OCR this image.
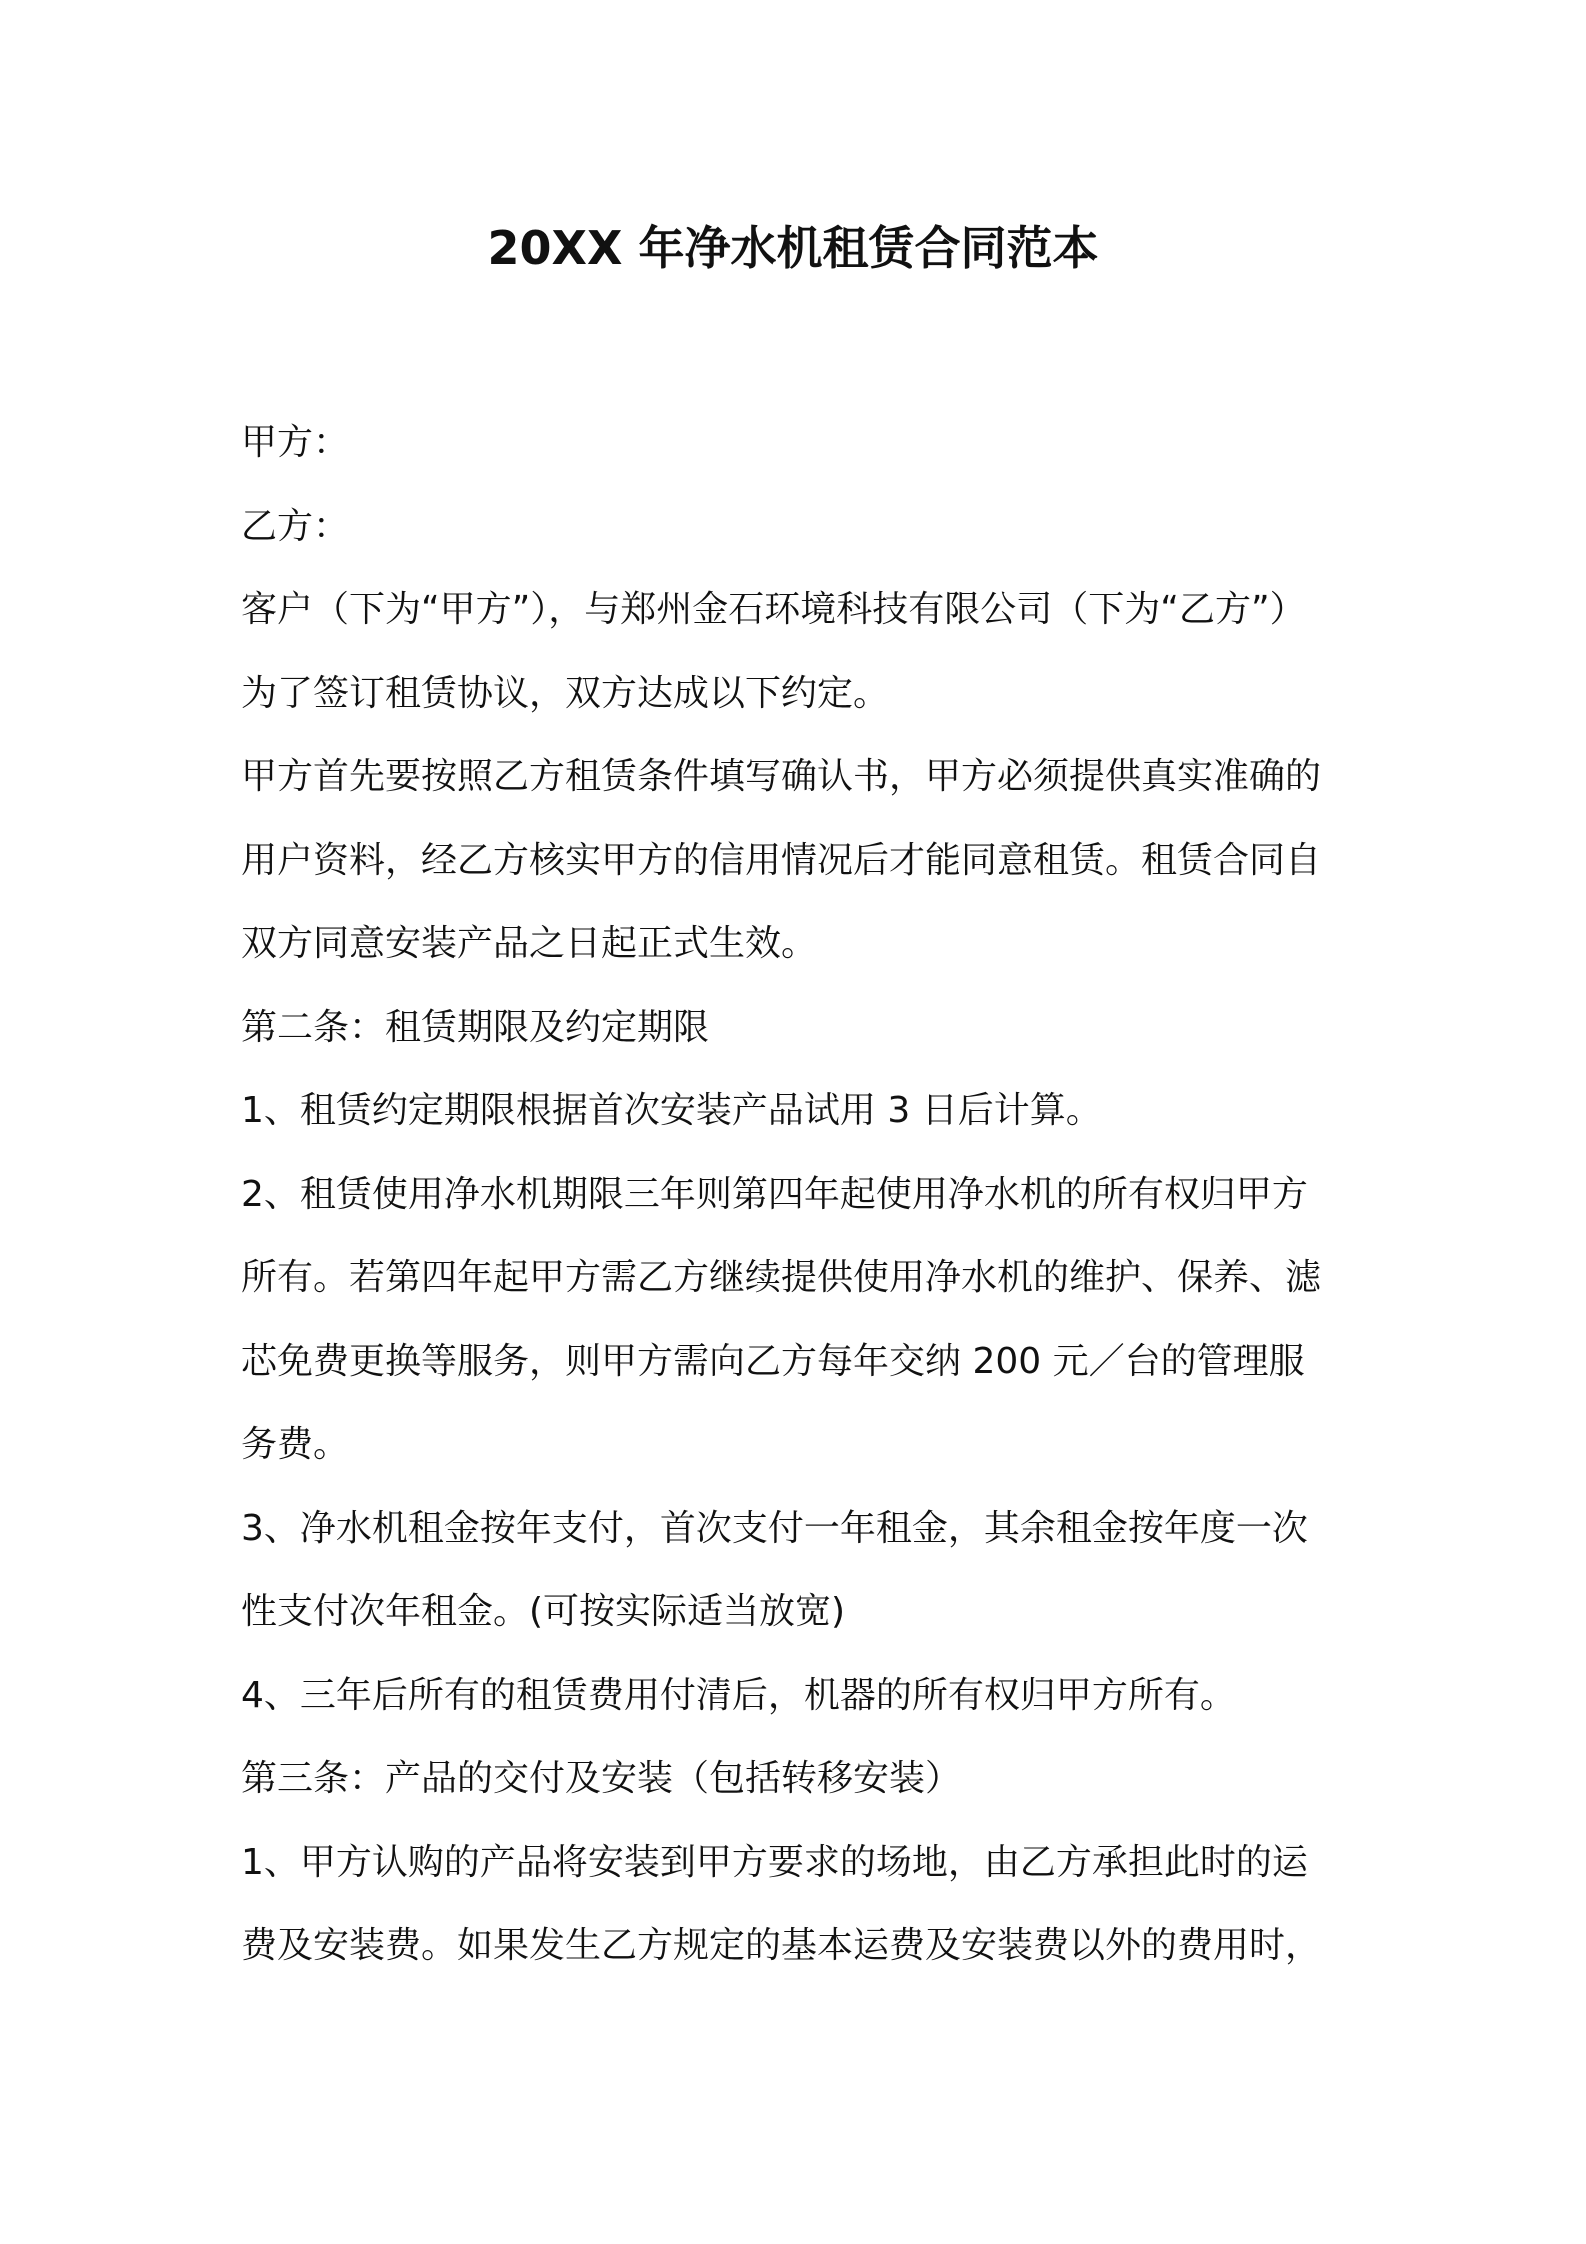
20XX 年净水机租赁合同范本
甲方：
乙方：
客户（下为“甲方”），与郑州金石环境科技有限公司（下为“乙方”）
为了签订租赁协议，双方达成以下约定。
甲方首先要按照乙方租赁条件填写确认书，甲方必须提供真实准确的
用户资料，经乙方核实甲方的信用情况后才能同意租赁。租赁合同自
双方同意安装产品之日起正式生效。
第二条：租赁期限及约定期限
1、租赁约定期限根据首次安装产品试用 3 日后计算。
2、租赁使用净水机期限三年则第四年起使用净水机的所有权归甲方
所有。若第四年起甲方需乙方继续提供使用净水机的维护、保养、滤
芯免费更换等服务，则甲方需向乙方每年交纳 200 元／台的管理服
务费。
3、净水机租金按年支付，首次支付一年租金，其余租金按年度一次
性支付次年租金。(可按实际适当放宽)
4、三年后所有的租赁费用付清后，机器的所有权归甲方所有。
第三条：产品的交付及安装（包括转移安装）
1、甲方认购的产品将安装到甲方要求的场地，由乙方承担此时的运
费及安装费。如果发生乙方规定的基本运费及安装费以外的费用时，
